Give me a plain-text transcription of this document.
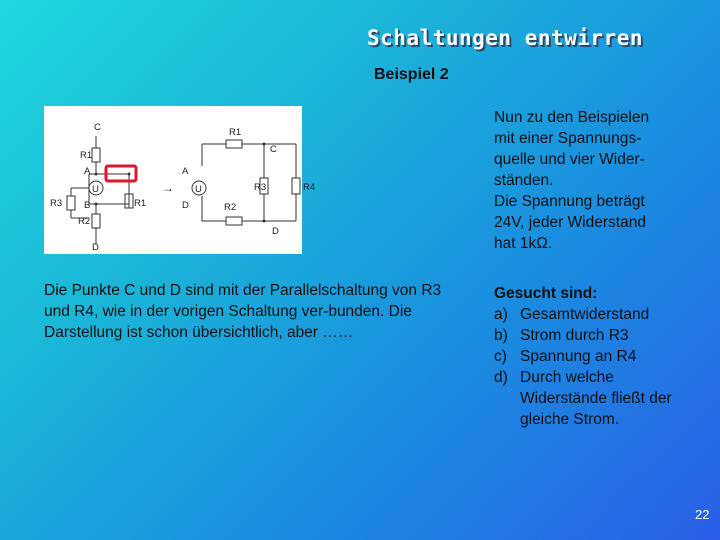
Schaltungen entwirren
Beispiel 2
→
C
R1
A
U
B
R3
R2
R1
D
R1
C
A
U
D	R2
R3	R4
D
Die Punkte C und D sind mit der Parallelschaltung von R3 und R4, wie in der vorigen Schaltung ver-bunden. Die Darstellung ist schon übersichtlich, aber ……
Nun zu den Beispielen
mit einer Spannungs-
quelle und vier Wider-
ständen.
Die Spannung beträgt
24V, jeder Widerstand
hat 1kΩ.
Gesucht sind:
a) Gesamtwiderstand
b) Strom durch R3
c) Spannung an R4
d) Durch welche Widerstände fließt der gleiche Strom.
22
